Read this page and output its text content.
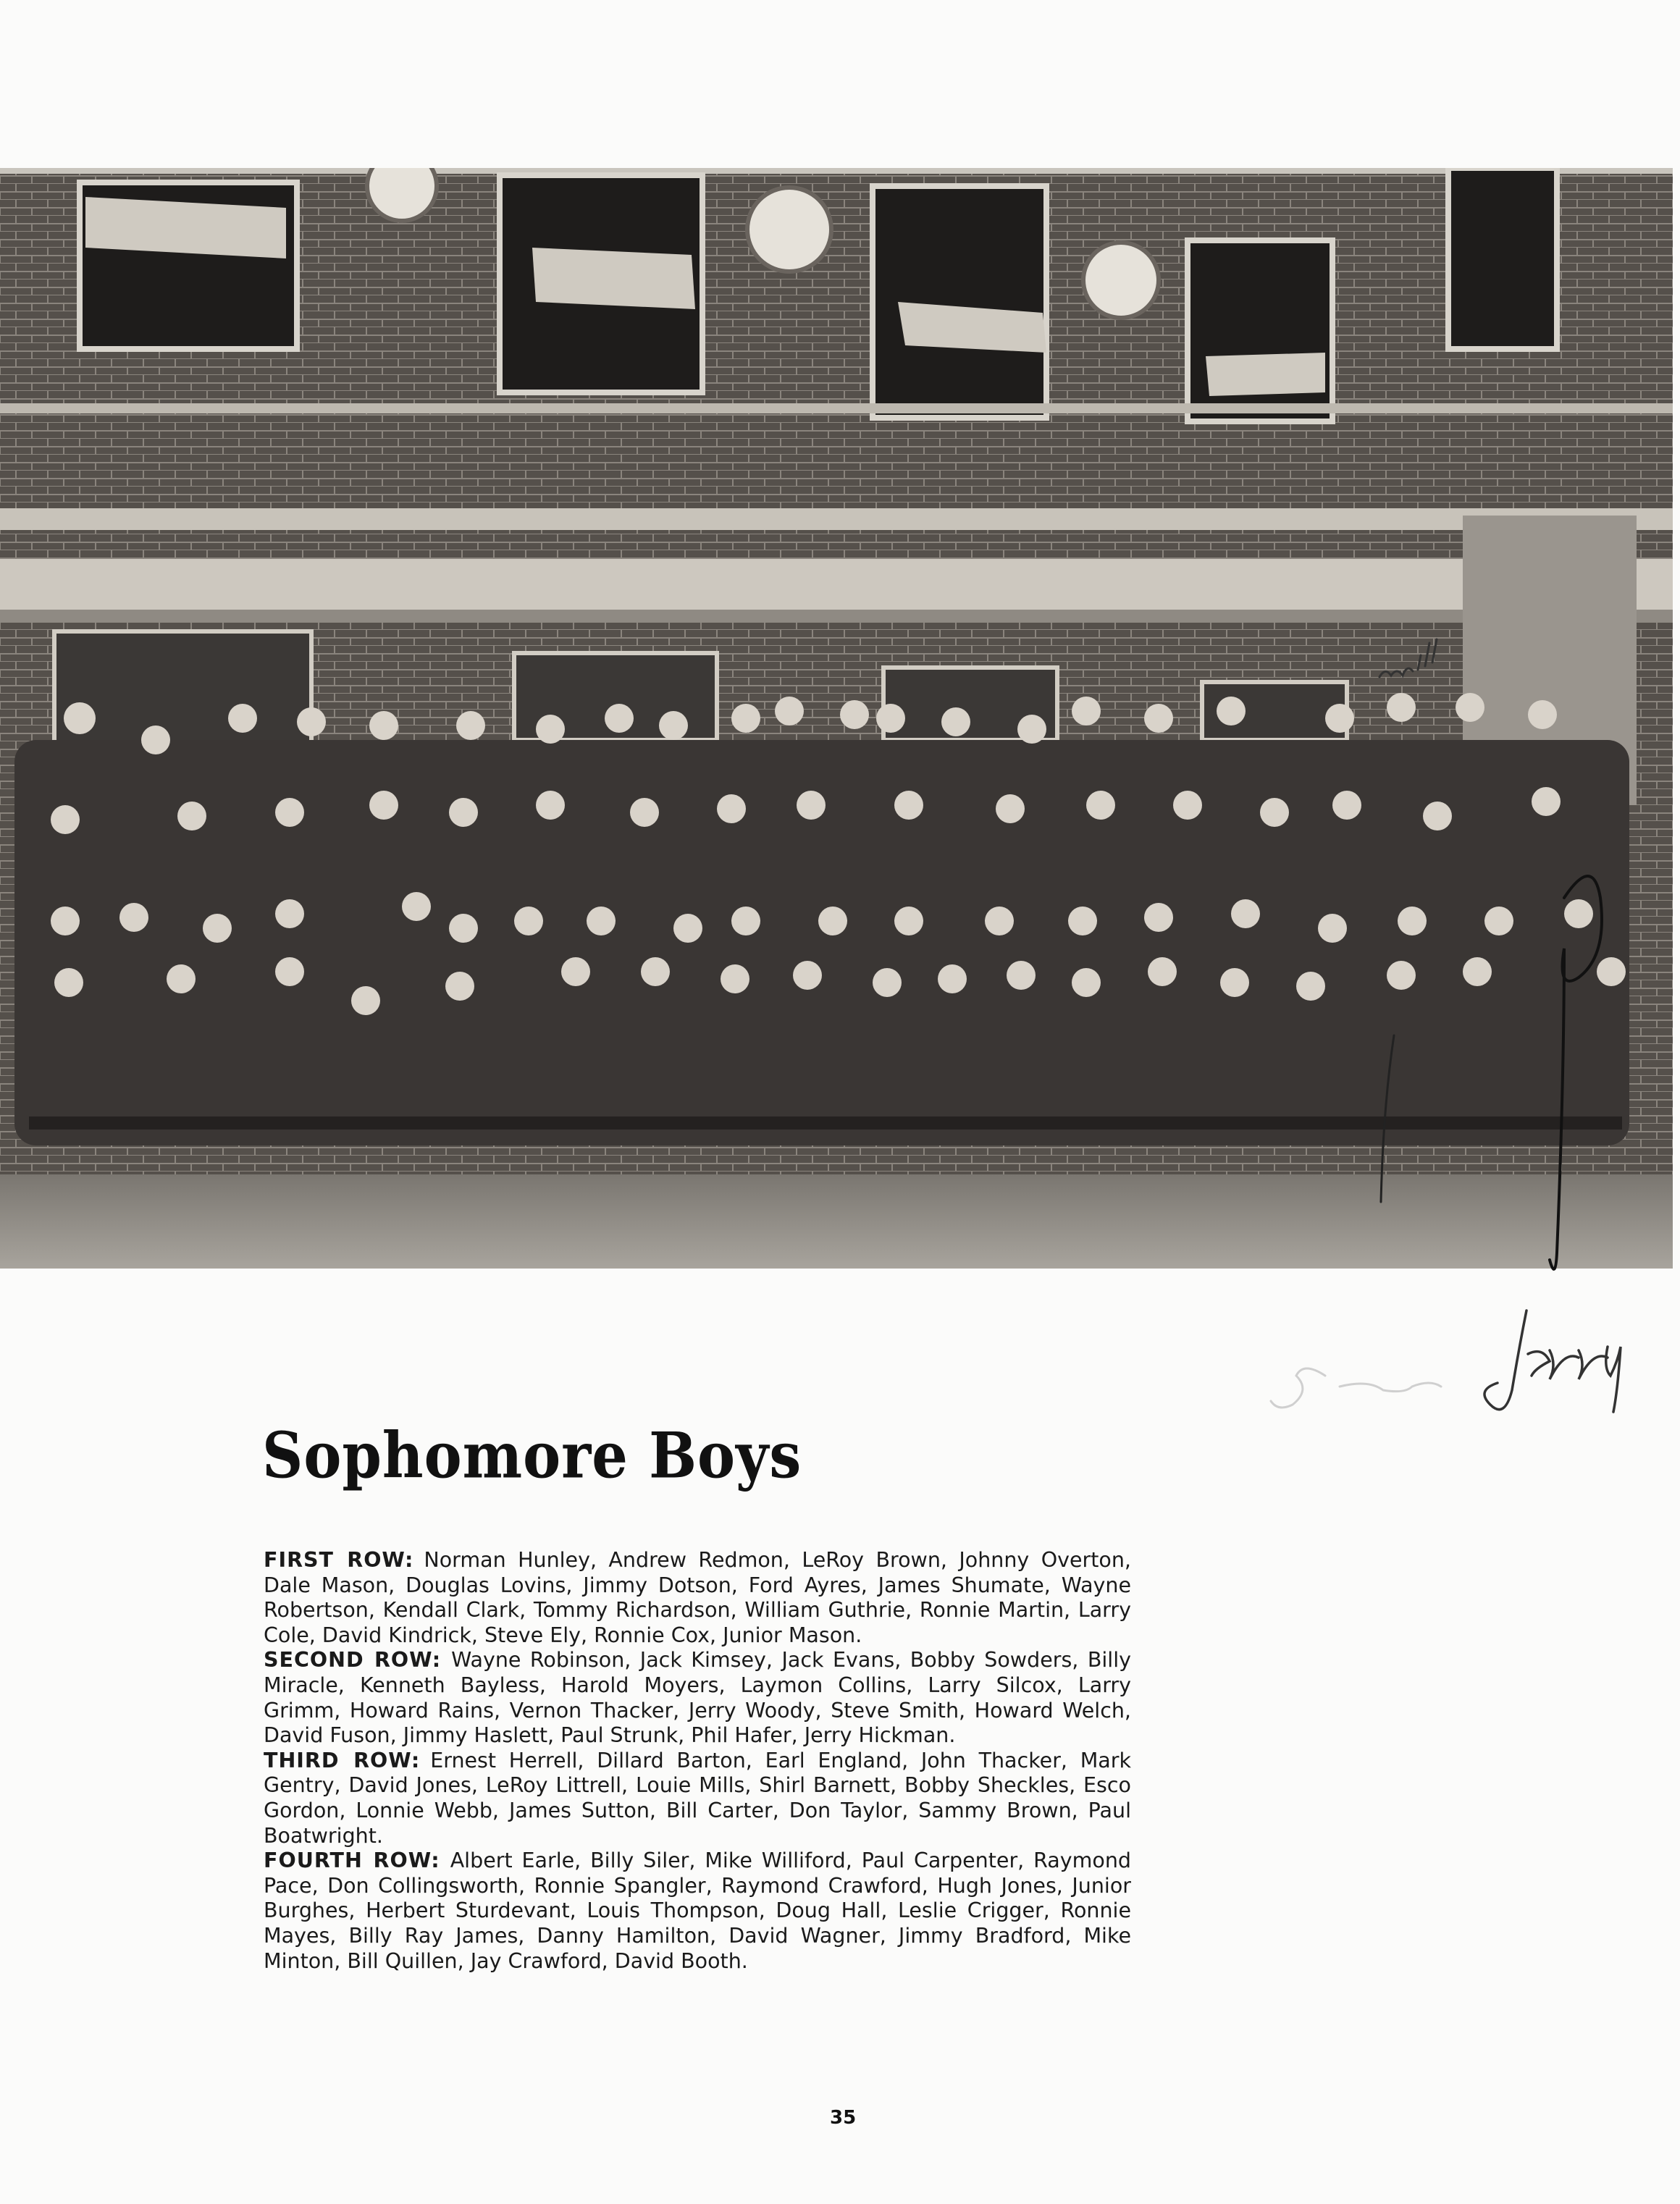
Sophomore Boys
FIRST ROW: Norman Hunley, Andrew Redmon, LeRoy Brown, Johnny Overton, Dale Mason, Douglas Lovins, Jimmy Dotson, Ford Ayres, James Shumate, Wayne Robertson, Kendall Clark, Tommy Richardson, William Guthrie, Ronnie Martin, Larry Cole, David Kindrick, Steve Ely, Ronnie Cox, Junior Mason.
SECOND ROW: Wayne Robinson, Jack Kimsey, Jack Evans, Bobby Sowders, Billy Miracle, Kenneth Bayless, Harold Moyers, Laymon Collins, Larry Silcox, Larry Grimm, Howard Rains, Vernon Thacker, Jerry Woody, Steve Smith, Howard Welch, David Fuson, Jimmy Haslett, Paul Strunk, Phil Hafer, Jerry Hickman.
THIRD ROW: Ernest Herrell, Dillard Barton, Earl England, John Thacker, Mark Gentry, David Jones, LeRoy Littrell, Louie Mills, Shirl Barnett, Bobby Sheckles, Esco Gordon, Lonnie Webb, James Sutton, Bill Carter, Don Taylor, Sammy Brown, Paul Boatwright.
FOURTH ROW: Albert Earle, Billy Siler, Mike Williford, Paul Carpenter, Raymond Pace, Don Collingsworth, Ronnie Spangler, Raymond Crawford, Hugh Jones, Junior Burghes, Herbert Sturdevant, Louis Thompson, Doug Hall, Leslie Crigger, Ronnie Mayes, Billy Ray James, Danny Hamilton, David Wagner, Jimmy Bradford, Mike Minton, Bill Quillen, Jay Crawford, David Booth.
35
